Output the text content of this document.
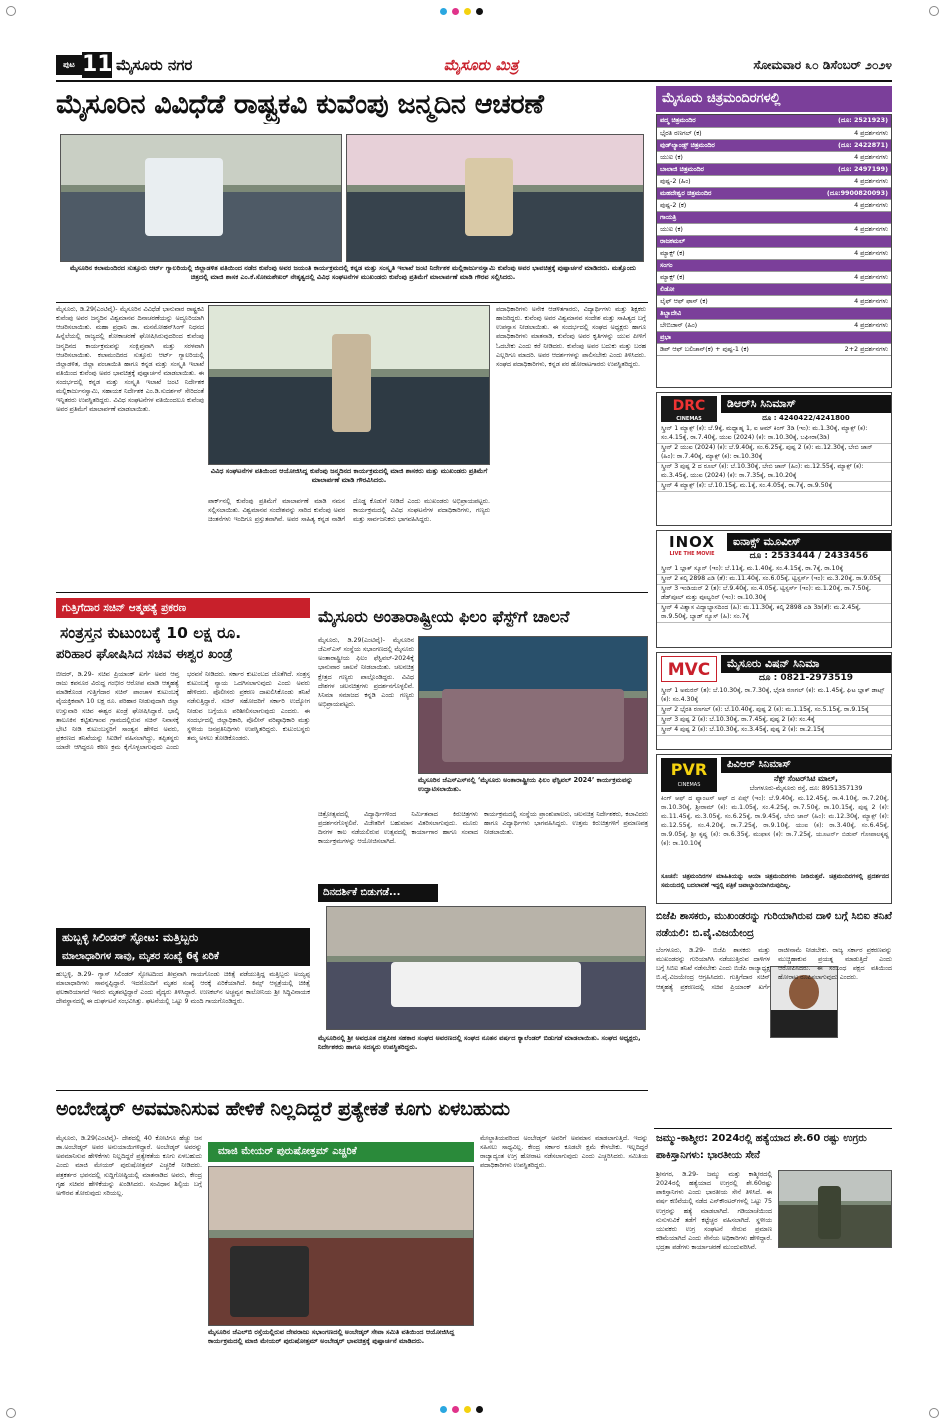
ಪುಟ 11 ಮೈಸೂರು ನಗರ	ಮೈಸೂರು ಮಿತ್ರ	ಸೋಮವಾರ ೩೦ ಡಿಸೆಂಬರ್ ೨೦೨೪
ಮೈಸೂರಿನ ವಿವಿಧೆಡೆ ರಾಷ್ಟ್ರಕವಿ ಕುವೆಂಪು ಜನ್ಮದಿನ ಆಚರಣೆ
ಮೈಸೂರಿನ ಕಲಾಮಂದಿರದ ಸುತ್ತೂರು ಆರ್ಟ್ ಗ್ಯಾಲರಿಯಲ್ಲಿ ಜಿಲ್ಲಾಡಳಿತ ವತಿಯಿಂದ ನಡೆದ ಕುವೆಂಪು ಅವರ ಜಯಂತಿ ಕಾರ್ಯಕ್ರಮದಲ್ಲಿ ಕನ್ನಡ ಮತ್ತು ಸಂಸ್ಕೃತಿ ಇಲಾಖೆ ಜಂಟಿ ನಿರ್ದೇಶಕ ಮಲ್ಲಿಕಾರ್ಜುನಸ್ವಾಮಿ ಕುವೆಂಪು ಅವರ ಭಾವಚಿತ್ರಕ್ಕೆ ಪುಷ್ಪಾರ್ಚನೆ ಮಾಡಿದರು. ಮತ್ತೊಂದು ಚಿತ್ರದಲ್ಲಿ ಮಾಜಿ ಶಾಸಕ ಎಂ.ಕೆ.ಸೋಮಶೇಖರ್ ನೇತೃತ್ವದಲ್ಲಿ ವಿವಿಧ ಸಂಘಟನೆಗಳ ಮುಖಂಡರು ಕುವೆಂಪು ಪ್ರತಿಮೆಗೆ ಮಾಲಾರ್ಪಣೆ ಮಾಡಿ ಗೌರವ ಸಲ್ಲಿಸಿದರು.
ಮೈಸೂರು, ಡಿ.29(ಎಂಟಿವೈ)- ಮೈಸೂರಿನ ವಿವಿಧೆಡೆ ಭಾನುವಾರ ರಾಷ್ಟ್ರಕವಿ ಕುವೆಂಪು ಅವರ ಜನ್ಮದಿನ ವಿಶ್ವಮಾನವ ದಿನಾಚರಣೆಯನ್ನು ಅದ್ಧೂರಿಯಾಗಿ ಆಚರಿಸಲಾಯಿತು. ಮಹಾ ಪ್ರಧಾನಿ ಡಾ. ಮನಮೋಹನ್‌ಸಿಂಗ್ ನಿಧನದ ಹಿನ್ನೆಲೆಯಲ್ಲಿ ರಾಜ್ಯದಲ್ಲಿ ಶೋಕಾಚರಣೆ ಘೋಷಿಸಿರುವುದರಿಂದ ಕುವೆಂಪು ಜನ್ಮದಿನದ ಕಾರ್ಯಕ್ರಮವನ್ನು ಸಂಕ್ಷಿಪ್ತವಾಗಿ ಮತ್ತು ಸರಳವಾಗಿ ಆಚರಿಸಲಾಯಿತು. ಕಲಾಮಂದಿರದ ಸುತ್ತೂರು ಆರ್ಟ್ ಗ್ಯಾಲರಿಯಲ್ಲಿ ಜಿಲ್ಲಾಡಳಿತ, ಜಿಲ್ಲಾ ಪಂಚಾಯಿತಿ ಹಾಗೂ ಕನ್ನಡ ಮತ್ತು ಸಂಸ್ಕೃತಿ ಇಲಾಖೆ ವತಿಯಿಂದ ಕುವೆಂಪು ಅವರ ಭಾವಚಿತ್ರಕ್ಕೆ ಪುಷ್ಪಾರ್ಚನೆ ಮಾಡಲಾಯಿತು. ಈ ಸಂದರ್ಭದಲ್ಲಿ ಕನ್ನಡ ಮತ್ತು ಸಂಸ್ಕೃತಿ ಇಲಾಖೆ ಜಂಟಿ ನಿರ್ದೇಶಕ ಮಲ್ಲಿಕಾರ್ಜುನಸ್ವಾಮಿ, ಸಹಾಯಕ ನಿರ್ದೇಶಕ ಎಂ.ಡಿ.ಸುದರ್ಶನ್ ಸೇರಿದಂತೆ ಇನ್ನಿತರರು ಉಪಸ್ಥಿತರಿದ್ದರು. ವಿವಿಧ ಸಂಘಟನೆಗಳ ವತಿಯಿಂದಲೂ ಕುವೆಂಪು ಅವರ ಪ್ರತಿಮೆಗೆ ಮಾಲಾರ್ಪಣೆ ಮಾಡಲಾಯಿತು.
ವಿವಿಧ ಸಂಘಟನೆಗಳ ವತಿಯಿಂದ ಆಯೋಜಿಸಿದ್ದ ಕುವೆಂಪು ಜನ್ಮದಿನದ ಕಾರ್ಯಕ್ರಮದಲ್ಲಿ ಮಾಜಿ ಶಾಸಕರು ಮತ್ತು ಮುಖಂಡರು ಪ್ರತಿಮೆಗೆ ಮಾಲಾರ್ಪಣೆ ಮಾಡಿ ಗೌರವಿಸಿದರು.
ಪಾರ್ಕ್‌ನಲ್ಲಿ ಕುವೆಂಪು ಪ್ರತಿಮೆಗೆ ಮಾಲಾರ್ಪಣೆ ಮಾಡಿ ನಮನ ಸಲ್ಲಿಸಲಾಯಿತು. ವಿಶ್ವಮಾನವ ಸಂದೇಶವನ್ನು ಸಾರಿದ ಕುವೆಂಪು ಅವರ ಚಿಂತನೆಗಳು ಇಂದಿಗೂ ಪ್ರಸ್ತುತವಾಗಿವೆ. ಅವರ ಸಾಹಿತ್ಯ ಕನ್ನಡ ನಾಡಿಗೆ ದೊಡ್ಡ ಕೊಡುಗೆ ನೀಡಿದೆ ಎಂದು ಮುಖಂಡರು ಅಭಿಪ್ರಾಯಪಟ್ಟರು. ಕಾರ್ಯಕ್ರಮದಲ್ಲಿ ವಿವಿಧ ಸಂಘಟನೆಗಳ ಪದಾಧಿಕಾರಿಗಳು, ಗಣ್ಯರು ಮತ್ತು ಸಾರ್ವಜನಿಕರು ಭಾಗವಹಿಸಿದ್ದರು.
ಪದಾಧಿಕಾರಿಗಳು ಅನೇಕ ಆಡಳಿತಗಾರರು, ವಿದ್ಯಾರ್ಥಿಗಳು ಮತ್ತು ಶಿಕ್ಷಕರು ಹಾಜರಿದ್ದರು. ಕುವೆಂಪು ಅವರ ವಿಶ್ವಮಾನವ ಸಂದೇಶ ಮತ್ತು ಸಾಹಿತ್ಯದ ಬಗ್ಗೆ ಉಪನ್ಯಾಸ ನೀಡಲಾಯಿತು. ಈ ಸಂದರ್ಭದಲ್ಲಿ ಸಂಘದ ಅಧ್ಯಕ್ಷರು ಹಾಗೂ ಪದಾಧಿಕಾರಿಗಳು ಮಾತನಾಡಿ, ಕುವೆಂಪು ಅವರ ಕೃತಿಗಳನ್ನು ಯುವ ಪೀಳಿಗೆ ಓದಬೇಕು ಎಂದು ಕರೆ ನೀಡಿದರು. ಕುವೆಂಪು ಅವರ ಬದುಕು ಮತ್ತು ಬರಹ ಎಲ್ಲರಿಗೂ ಮಾದರಿ. ಅವರ ಆದರ್ಶಗಳನ್ನು ಪಾಲಿಸಬೇಕು ಎಂದು ತಿಳಿಸಿದರು. ಸಂಘದ ಪದಾಧಿಕಾರಿಗಳು, ಕನ್ನಡ ಪರ ಹೋರಾಟಗಾರರು ಉಪಸ್ಥಿತರಿದ್ದರು.
ಗುತ್ತಿಗೆದಾರ ಸಚಿನ್ ಆತ್ಮಹತ್ಯೆ ಪ್ರಕರಣ
ಸಂತ್ರಸ್ತನ ಕುಟುಂಬಕ್ಕೆ 10 ಲಕ್ಷ ರೂ.
ಪರಿಹಾರ ಘೋಷಿಸಿದ ಸಚಿವ ಈಶ್ವರ ಖಂಡ್ರೆ
ಬೀದರ್, ಡಿ.29- ಸಚಿವ ಪ್ರಿಯಾಂಕ್ ಖರ್ಗೆ ಅವರ ಆಪ್ತ ರಾಜು ಕಪನೂರ ವಿರುದ್ಧ ಗಂಭೀರ ಆರೋಪ ಮಾಡಿ ಆತ್ಮಹತ್ಯೆ ಮಾಡಿಕೊಂಡ ಗುತ್ತಿಗೆದಾರ ಸಚಿನ್ ಪಾಂಚಾಳ ಕುಟುಂಬಕ್ಕೆ ವೈಯಕ್ತಿಕವಾಗಿ 10 ಲಕ್ಷ ರೂ. ಪರಿಹಾರ ನೀಡುವುದಾಗಿ ಜಿಲ್ಲಾ ಉಸ್ತುವಾರಿ ಸಚಿವ ಈಶ್ವರ ಖಂಡ್ರೆ ಘೋಷಿಸಿದ್ದಾರೆ. ಭಾಲ್ಕಿ ತಾಲೂಕಿನ ಕಟ್ಟಿತುಗಾಂವ ಗ್ರಾಮದಲ್ಲಿರುವ ಸಚಿನ್ ನಿವಾಸಕ್ಕೆ ಭೇಟಿ ನೀಡಿ ಕುಟುಂಬಸ್ಥರಿಗೆ ಸಾಂತ್ವನ ಹೇಳಿದ ಅವರು, ಪ್ರಕರಣದ ತನಿಖೆಯನ್ನು ಸಿಐಡಿಗೆ ವಹಿಸಲಾಗಿದ್ದು, ತಪ್ಪಿತಸ್ಥರು ಯಾರೇ ಆಗಿದ್ದರೂ ಕಠಿಣ ಕ್ರಮ ಕೈಗೊಳ್ಳಲಾಗುವುದು ಎಂದು ಭರವಸೆ ನೀಡಿದರು. ಸರ್ಕಾರ ಕುಟುಂಬದ ಜೊತೆಗಿದೆ. ಸಂತ್ರಸ್ತ ಕುಟುಂಬಕ್ಕೆ ನ್ಯಾಯ ಒದಗಿಸಲಾಗುವುದು ಎಂದು ಅವರು ಹೇಳಿದರು. ಪೊಲೀಸರು ಪ್ರಕರಣ ದಾಖಲಿಸಿಕೊಂಡು ತನಿಖೆ ನಡೆಸುತ್ತಿದ್ದಾರೆ. ಸಚಿನ್ ಸಹೋದರಿಗೆ ಸರ್ಕಾರಿ ಉದ್ಯೋಗ ನೀಡುವ ಬಗ್ಗೆಯೂ ಪರಿಶೀಲಿಸಲಾಗುವುದು ಎಂದರು. ಈ ಸಂದರ್ಭದಲ್ಲಿ ಜಿಲ್ಲಾಧಿಕಾರಿ, ಪೊಲೀಸ್ ವರಿಷ್ಠಾಧಿಕಾರಿ ಮತ್ತು ಸ್ಥಳೀಯ ಜನಪ್ರತಿನಿಧಿಗಳು ಉಪಸ್ಥಿತರಿದ್ದರು. ಕುಟುಂಬಸ್ಥರು ತಮ್ಮ ಅಳಲು ತೋಡಿಕೊಂಡರು.
ಹುಬ್ಬಳ್ಳಿ ಸಿಲಿಂಡರ್ ಸ್ಫೋಟ: ಮತ್ತಿಬ್ಬರು
ಮಾಲಾಧಾರಿಗಳ ಸಾವು, ಮೃತರ ಸಂಖ್ಯೆ 6ಕ್ಕೆ ಏರಿಕೆ
ಹುಬ್ಬಳ್ಳಿ, ಡಿ.29- ಗ್ಯಾಸ್ ಸಿಲಿಂಡರ್ ಸ್ಫೋಟದಿಂದ ತೀವ್ರವಾಗಿ ಗಾಯಗೊಂಡು ಚಿಕಿತ್ಸೆ ಪಡೆಯುತ್ತಿದ್ದ ಮತ್ತಿಬ್ಬರು ಅಯ್ಯಪ್ಪ ಮಾಲಾಧಾರಿಗಳು ಸಾವನ್ನಪ್ಪಿದ್ದಾರೆ. ಇದರೊಂದಿಗೆ ಮೃತರ ಸಂಖ್ಯೆ ಆರಕ್ಕೆ ಏರಿಕೆಯಾಗಿದೆ. ಕಿಮ್ಸ್ ಆಸ್ಪತ್ರೆಯಲ್ಲಿ ಚಿಕಿತ್ಸೆ ಫಲಕಾರಿಯಾಗದೆ ಇವರು ಮೃತಪಟ್ಟಿದ್ದಾರೆ ಎಂದು ವೈದ್ಯರು ತಿಳಿಸಿದ್ದಾರೆ. ಉಣಕಲ್‌ನ ಅಚ್ಚವ್ವನ ಕಾಲೋನಿಯ ಶ್ರೀ ಸಿದ್ಧಿವಿನಾಯಕ ದೇವಸ್ಥಾನದಲ್ಲಿ ಈ ದುರ್ಘಟನೆ ಸಂಭವಿಸಿತ್ತು. ಘಟನೆಯಲ್ಲಿ ಒಟ್ಟು 9 ಮಂದಿ ಗಾಯಗೊಂಡಿದ್ದರು.
ಮೈಸೂರು ಅಂತಾರಾಷ್ಟ್ರೀಯ ಫಿಲಂ ಫೆಸ್ಟ್‌ಗೆ ಚಾಲನೆ
ಮೈಸೂರು, ಡಿ.29(ಎಂಟಿವೈ)- ಮೈಸೂರಿನ ಜೆಎಸ್‌ಎಸ್ ಸಂಸ್ಥೆಯ ಸಭಾಂಗಣದಲ್ಲಿ ಮೈಸೂರು ಅಂತಾರಾಷ್ಟ್ರೀಯ ಫಿಲಂ ಫೆಸ್ಟಿವಲ್-2024ಕ್ಕೆ ಭಾನುವಾರ ಚಾಲನೆ ನೀಡಲಾಯಿತು. ಚಲನಚಿತ್ರ ಕ್ಷೇತ್ರದ ಗಣ್ಯರು ಪಾಲ್ಗೊಂಡಿದ್ದರು. ವಿವಿಧ ದೇಶಗಳ ಚಲನಚಿತ್ರಗಳು ಪ್ರದರ್ಶನಗೊಳ್ಳಲಿವೆ. ಸಿನಿಮಾ ಸಮಾಜದ ಕನ್ನಡಿ ಎಂದು ಗಣ್ಯರು ಅಭಿಪ್ರಾಯಪಟ್ಟರು.
ಮೈಸೂರಿನ ಜೆಎಸ್‌ಎಸ್‌ನಲ್ಲಿ ‘ಮೈಸೂರು ಅಂತಾರಾಷ್ಟ್ರೀಯ ಫಿಲಂ ಫೆಸ್ಟಿವಲ್ 2024’ ಕಾರ್ಯಕ್ರಮವನ್ನು ಉದ್ಘಾಟಿಸಲಾಯಿತು.
ಚಿತ್ರೋತ್ಸವದಲ್ಲಿ ವಿದ್ಯಾರ್ಥಿಗಳಿಂದ ನಿರ್ಮಿತವಾದ ಕಿರುಚಿತ್ರಗಳು ಪ್ರದರ್ಶನಗೊಳ್ಳಲಿವೆ. ವಿಜೇತರಿಗೆ ಬಹುಮಾನ ವಿತರಿಸಲಾಗುವುದು. ಮೂರು ದಿನಗಳ ಕಾಲ ನಡೆಯಲಿರುವ ಉತ್ಸವದಲ್ಲಿ ಕಾರ್ಯಾಗಾರ ಹಾಗೂ ಸಂವಾದ ಕಾರ್ಯಕ್ರಮಗಳನ್ನು ಆಯೋಜಿಸಲಾಗಿದೆ.
ಕಾರ್ಯಕ್ರಮದಲ್ಲಿ ಸಂಸ್ಥೆಯ ಪ್ರಾಂಶುಪಾಲರು, ಚಲನಚಿತ್ರ ನಿರ್ದೇಶಕರು, ಕಲಾವಿದರು ಹಾಗೂ ವಿದ್ಯಾರ್ಥಿಗಳು ಭಾಗವಹಿಸಿದ್ದರು. ಉತ್ತಮ ಕಿರುಚಿತ್ರಗಳಿಗೆ ಪ್ರಮಾಣಪತ್ರ ನೀಡಲಾಯಿತು.
ದಿನದರ್ಶಿಕೆ ಬಿಡುಗಡೆ...
ಮೈಸೂರಿನಲ್ಲಿ ಶ್ರೀ ಅವಧೂತ ದತ್ತಪೀಠ ಸಹಕಾರ ಸಂಘದ ಅವರಣದಲ್ಲಿ ಸಂಘದ ನೂತನ ವರ್ಷದ ಕ್ಯಾಲೆಂಡರ್ ಬಿಡುಗಡೆ ಮಾಡಲಾಯಿತು. ಸಂಘದ ಅಧ್ಯಕ್ಷರು, ನಿರ್ದೇಶಕರು ಹಾಗೂ ಸದಸ್ಯರು ಉಪಸ್ಥಿತರಿದ್ದರು.
ಅಂಬೇಡ್ಕರ್ ಅವಮಾನಿಸುವ ಹೇಳಿಕೆ ನಿಲ್ಲದಿದ್ದರೆ ಪ್ರತ್ಯೇಕತೆ ಕೂಗು ಏಳಬಹುದು
ಮೈಸೂರು, ಡಿ.29(ಎಂಟಿವೈ)- ದೇಶದಲ್ಲಿ 40 ಕೋಟಿಗೂ ಹೆಚ್ಚು ಜನ ಡಾ.ಅಂಬೇಡ್ಕರ್ ಅವರ ಅನುಯಾಯಿಗಳಿದ್ದಾರೆ. ಅಂಬೇಡ್ಕರ್ ಅವರನ್ನು ಅವಮಾನಿಸುವ ಹೇಳಿಕೆಗಳು ನಿಲ್ಲದಿದ್ದರೆ ಪ್ರತ್ಯೇಕತೆಯ ಕೂಗು ಏಳಬಹುದು ಎಂದು ಮಾಜಿ ಮೇಯರ್ ಪುರುಷೋತ್ತಮ್ ಎಚ್ಚರಿಕೆ ನೀಡಿದರು. ಪತ್ರಕರ್ತರ ಭವನದಲ್ಲಿ ಸುದ್ದಿಗೋಷ್ಠಿಯಲ್ಲಿ ಮಾತನಾಡಿದ ಅವರು, ಕೇಂದ್ರ ಗೃಹ ಸಚಿವರ ಹೇಳಿಕೆಯನ್ನು ಖಂಡಿಸಿದರು. ಸಂವಿಧಾನ ಶಿಲ್ಪಿಯ ಬಗ್ಗೆ ಅಗೌರವ ತೋರುವುದು ಸರಿಯಲ್ಲ.
ಮಾಜಿ ಮೇಯರ್ ಪುರುಷೋತ್ತಮ್ ಎಚ್ಚರಿಕೆ
ಮೈಸೂರಿನ ಜೆಎಲ್‌ಬಿ ರಸ್ತೆಯಲ್ಲಿರುವ ದೇವರಾಜು ಸಭಾಂಗಣದಲ್ಲಿ ಅಂಬೇಡ್ಕರ್ ಸೇವಾ ಸಮಿತಿ ವತಿಯಿಂದ ಆಯೋಜಿಸಿದ್ದ ಕಾರ್ಯಕ್ರಮದಲ್ಲಿ ಮಾಜಿ ಮೇಯರ್ ಪುರುಷೋತ್ತಮ್ ಅಂಬೇಡ್ಕರ್ ಭಾವಚಿತ್ರಕ್ಕೆ ಪುಷ್ಪಾರ್ಚನೆ ಮಾಡಿದರು.
ಮೇಲ್ಜಾತಿಯವರಿಂದ ಅಂಬೇಡ್ಕರ್ ಅವರಿಗೆ ಅವಮಾನ ಮಾಡಲಾಗುತ್ತಿದೆ. ಇದನ್ನು ಸಹಿಸಲು ಸಾಧ್ಯವಿಲ್ಲ. ಕೇಂದ್ರ ಸರ್ಕಾರ ಕೂಡಲೇ ಕ್ಷಮೆ ಕೇಳಬೇಕು. ಇಲ್ಲದಿದ್ದರೆ ರಾಜ್ಯಾದ್ಯಂತ ಉಗ್ರ ಹೋರಾಟ ನಡೆಸಲಾಗುವುದು ಎಂದು ಎಚ್ಚರಿಸಿದರು. ಸಮಿತಿಯ ಪದಾಧಿಕಾರಿಗಳು ಉಪಸ್ಥಿತರಿದ್ದರು.
ಮೈಸೂರು ಚಿತ್ರಮಂದಿರಗಳಲ್ಲಿ
ಪದ್ಮ ಚಿತ್ರಮಂದಿರ	(ದೂ: 2521923)
ಭೈರತಿ ರಣಗಲ್ (ಕ)	4 ಪ್ರದರ್ಶನಗಳು
ವುಡ್‌ಲ್ಯಾಂಡ್ಸ್ ಚಿತ್ರಮಂದಿರ	(ದೂ: 2422871)
ಯುಐ (ಕ)	4 ಪ್ರದರ್ಶನಗಳು
ಬಾಲಾಜಿ ಚಿತ್ರಮಂದಿರ	(ದೂ: 2497199)
ಪುಷ್ಪ-2 (ಹಿಂ)	4 ಪ್ರದರ್ಶನಗಳು
ಮಹದೇಶ್ವರ ಚಿತ್ರಮಂದಿರ	(ದೂ:9900820093)
ಪುಷ್ಪ-2 (ಕ)	4 ಪ್ರದರ್ಶನಗಳು
ಗಾಯತ್ರಿ	
ಯುಐ (ಕ)	4 ಪ್ರದರ್ಶನಗಳು
ರಾಜಕಮಲ್	
ಮ್ಯಾಕ್ಸ್ (ಕ)	4 ಪ್ರದರ್ಶನಗಳು
ಸಂಗಂ	
ಮ್ಯಾಕ್ಸ್ (ಕ)	4 ಪ್ರದರ್ಶನಗಳು
ಲಿಡೋ	
ಲೈಫ್ ಆಫ್ ಫಾಸ್ (ಕ)	4 ಪ್ರದರ್ಶನಗಳು
ತಿಬ್ಬಾದೇವಿ	
ಬೇಬಿಜಾನ್ (ಹಿಂ)	4 ಪ್ರದರ್ಶನಗಳು
ಪ್ರಭಾ	
ಡಿಪ್ ಆಫ್ ಬಲಿಚಾನ್(ಕ) + ಪುಷ್ಪ-1 (ಕ)	2+2 ಪ್ರದರ್ಶನಗಳು
DRC
CINEMAS
ಡಿಆರ್‌ಸಿ ಸಿನಿಮಾಸ್
ದೂ : 4240422/4241800
ಸ್ಕ್ರೀನ್ 1 ಮ್ಯಾಕ್ಸ್ (ಕ): ಬೆ.9ಕ್ಕೆ, ಮಧ್ಯಾಹ್ನ 1, ಐ ಆಮ್ ಕಿಂಗ್ 3ಡಿ (ಇಂ): ಮ.1.30ಕ್ಕೆ, ಮ್ಯಾಕ್ಸ್ (ಕ): ಸಂ.4.15ಕ್ಕೆ, ರಾ.7.40ಕ್ಕೆ, ಯುಐ (2024) (ಕ): ರಾ.10.30ಕ್ಕೆ, ಬಘೀರಾ(3ಡಿ)
ಸ್ಕ್ರೀನ್ 2 ಯುಐ (2024) (ಕ): ಬೆ.9.40ಕ್ಕೆ, ಸಂ.6.25ಕ್ಕೆ, ಪುಷ್ಪ 2 (ಕ): ಮ.12.30ಕ್ಕೆ, ಬೇಬಿ ಜಾನ್ (ಹಿಂ): ರಾ.7.40ಕ್ಕೆ, ಮ್ಯಾಕ್ಸ್ (ಕ): ರಾ.10.30ಕ್ಕೆ
ಸ್ಕ್ರೀನ್ 3 ಪುಷ್ಪ 2 ದ ರೂಲ್ (ಕ): ಬೆ.10.30ಕ್ಕೆ, ಬೇಬಿ ಜಾನ್ (ಹಿಂ): ಮ.12.55ಕ್ಕೆ, ಮ್ಯಾಕ್ಸ್ (ಕ): ಮ.3.45ಕ್ಕೆ, ಯುಐ (2024) (ಕ): ರಾ.7.35ಕ್ಕೆ, ರಾ.10.20ಕ್ಕೆ
ಸ್ಕ್ರೀನ್ 4 ಮ್ಯಾಕ್ಸ್ (ಕ): ಬೆ.10.15ಕ್ಕೆ, ಮ.1ಕ್ಕೆ, ಸಂ.4.05ಕ್ಕೆ, ರಾ.7ಕ್ಕೆ, ರಾ.9.50ಕ್ಕೆ
INOX
LIVE THE MOVIE
ಐನಾಕ್ಸ್ ಮೂವೀಸ್
ದೂ : 2533444 / 2433456
ಸ್ಕ್ರೀನ್ 1 ಬ್ಲಾಕ್ ಸ್ಕೂನ್ (ಇಂ): ಬೆ.11ಕ್ಕೆ, ಮ.1.40ಕ್ಕೆ, ಸಂ.4.15ಕ್ಕೆ, ರಾ.7ಕ್ಕೆ, ರಾ.10ಕ್ಕೆ
ಸ್ಕ್ರೀನ್ 2 ಕಲ್ಕಿ 2898 ಎಡಿ (ತೆ): ಮ.11.40ಕ್ಕೆ, ಸಂ.6.05ಕ್ಕೆ, ಟ್ವಿಸ್ಟರ್ಸ್ (ಇಂ): ಮ.3.20ಕ್ಕೆ, ರಾ.9.05ಕ್ಕೆ
ಸ್ಕ್ರೀನ್ 3 ಇಂಡಿಯನ್ 2 (ತ): ಬೆ.9.40ಕ್ಕೆ, ಸಂ.4.05ಕ್ಕೆ, ಟ್ವಿಸ್ಟರ್ಸ್ (ಇಂ): ಮ.1.20ಕ್ಕೆ, ರಾ.7.50ಕ್ಕೆ, ಡೆಡ್‌ಪೂಲ್ ಮತ್ತು ವೂಲ್ವರಿನ್ (ಇಂ): ರಾ.10.30ಕ್ಕೆ
ಸ್ಕ್ರೀನ್ 4 ವಿಶ್ವಾಸ ವಿದ್ಯಾಭ್ಯಾಸದಿಂದ (ಹಿ): ಮ.11.30ಕ್ಕೆ, ಕಲ್ಕಿ 2898 ಎಡಿ 3ಡಿ(ತೆ): ಮ.2.45ಕ್ಕೆ, ರಾ.9.50ಕ್ಕೆ, ಬ್ಯಾಡ್ ನ್ಯೂಸ್ (ಹಿ): ಸಂ.7ಕ್ಕೆ
MVC	ಮೈಸೂರು ವಿಷನ್ ಸಿನಿಮಾ
ದೂ : 0821-2973519
ಸ್ಕ್ರೀನ್ 1 ಅಮರನ್ (ತ): ಬೆ.10.30ಕ್ಕೆ, ರಾ.7.30ಕ್ಕೆ, ಭೈರತಿ ರಣಗಲ್ (ಕ): ಮ.1.45ಕ್ಕೆ, ಘಿಟ ಬ್ಲಾಕ್ ಡಾಟ್ಸ್ (ಕ): ಸಂ.4.30ಕ್ಕೆ
ಸ್ಕ್ರೀನ್ 2 ಭೈರತಿ ರಣಗಲ್ (ಕ): ಬೆ.10.40ಕ್ಕೆ, ಪುಷ್ಪ 2 (ಕ): ಮ.1.15ಕ್ಕೆ, ಸಂ.5.15ಕ್ಕೆ, ರಾ.9.15ಕ್ಕೆ
ಸ್ಕ್ರೀನ್ 3 ಪುಷ್ಪ 2 (ಕ): ಬೆ.10.30ಕ್ಕೆ, ರಾ.7.45ಕ್ಕೆ, ಪುಷ್ಪ 2 (ಕ): ಸಂ.4ಕ್ಕೆ
ಸ್ಕ್ರೀನ್ 4 ಪುಷ್ಪ 2 (ಕ): ಬೆ.10.30ಕ್ಕೆ, ಸಂ.3.45ಕ್ಕೆ, ಪುಷ್ಪ 2 (ಕ): ರಾ.2.15ಕ್ಕೆ
PVR
CINEMAS
ಪಿವಿಆರ್ ಸಿನಿಮಾಸ್
ನೆಕ್ಸ್ ಸೆಂಟರ್‌ಸಿಟಿ ಮಾಲ್,
ಬೆಂಗಳೂರು-ಮೈಸೂರು ರಸ್ತೆ, ದೂ: 8951357139
ಕಿಂಗ್ ಆಫ್ ದ ಫ್ಯಾಂಟಸ್ ಆಫ್ ದ ಏಪ್ಸ್ (ಇಂ): ಬೆ.9.40ಕ್ಕೆ, ಮ.12.45ಕ್ಕೆ, ರಾ.4.10ಕ್ಕೆ, ರಾ.7.20ಕ್ಕೆ, ರಾ.10.30ಕ್ಕೆ, ಶ್ರೀರಾಮ್ (ಕ): ಮ.1.05ಕ್ಕೆ, ಸಂ.4.25ಕ್ಕೆ, ರಾ.7.50ಕ್ಕೆ, ರಾ.10.15ಕ್ಕೆ, ಪುಷ್ಪ 2 (ಕ): ಮ.11.45ಕ್ಕೆ, ಮ.3.05ಕ್ಕೆ, ಸಂ.6.25ಕ್ಕೆ, ರಾ.9.45ಕ್ಕೆ, ಬೇಬಿ ಜಾನ್ (ಹಿಂ): ಮ.12.30ಕ್ಕೆ, ಮ್ಯಾಕ್ಸ್ (ಕ): ಮ.12.55ಕ್ಕೆ, ಸಂ.4.20ಕ್ಕೆ, ರಾ.7.25ಕ್ಕೆ, ರಾ.9.10ಕ್ಕೆ, ಯುಐ (ಕ): ರಾ.3.40ಕ್ಕೆ, ಸಂ.6.45ಕ್ಕೆ, ರಾ.9.05ಕ್ಕೆ, ಶ್ರೀ ಕೃಷ್ಣ (ಕ): ರಾ.6.35ಕ್ಕೆ, ಮುಫಾಸ (ಕ): ರಾ.7.25ಕ್ಕೆ, ಯೂಟರ್ನ್ ಬಿಡುವ್ ಗೋಪಾಲಕೃಷ್ಣ (ಕ): ರಾ.10.10ಕ್ಕೆ
ಸೂಚನೆ: ಚಿತ್ರಮಂದಿರಗಳ ಮಾಹಿತಿಯನ್ನು ಆಯಾ ಚಿತ್ರಮಂದಿರಗಳು ನೀಡಿರುತ್ತವೆ. ಚಿತ್ರಮಂದಿರಗಳಲ್ಲಿ ಪ್ರದರ್ಶನದ ಸಮಯದಲ್ಲಿ ಬದಲಾವಣೆ ಇದ್ದಲ್ಲಿ ಪತ್ರಿಕೆ ಜವಾಬ್ದಾರಿಯಾಗಿರುವುದಿಲ್ಲ.
ಬಿಜೆಪಿ ಶಾಸಕರು, ಮುಖಂಡರನ್ನು ಗುರಿಯಾಗಿರುವ ದಾಳಿ ಬಗ್ಗೆ ಸಿಬಿಐ ತನಿಖೆ ನಡೆಯಲಿ: ಬಿ.ವೈ.ವಿಜಯೇಂದ್ರ
ಬೆಂಗಳೂರು, ಡಿ.29- ಬಿಜೆಪಿ ಶಾಸಕರು ಮತ್ತು ಮುಖಂಡರನ್ನು ಗುರಿಯಾಗಿಸಿ ನಡೆಯುತ್ತಿರುವ ದಾಳಿಗಳ ಬಗ್ಗೆ ಸಿಬಿಐ ತನಿಖೆ ನಡೆಸಬೇಕು ಎಂದು ಬಿಜೆಪಿ ರಾಜ್ಯಾಧ್ಯಕ್ಷ ಬಿ.ವೈ.ವಿಜಯೇಂದ್ರ ಆಗ್ರಹಿಸಿದರು. ಗುತ್ತಿಗೆದಾರ ಸಚಿನ್ ಆತ್ಮಹತ್ಯೆ ಪ್ರಕರಣದಲ್ಲಿ ಸಚಿವ ಪ್ರಿಯಾಂಕ್ ಖರ್ಗೆ ರಾಜೀನಾಮೆ ನೀಡಬೇಕು. ರಾಜ್ಯ ಸರ್ಕಾರ ಪ್ರಕರಣವನ್ನು ಮುಚ್ಚಿಹಾಕುವ ಪ್ರಯತ್ನ ಮಾಡುತ್ತಿದೆ ಎಂದು ಆರೋಪಿಸಿದರು. ಈ ಸಂಬಂಧ ಪಕ್ಷದ ವತಿಯಿಂದ ಹೋರಾಟ ರೂಪಿಸಲಾಗುವುದು ಎಂದರು.
ಜಮ್ಮು-ಕಾಶ್ಮೀರ: 2024ರಲ್ಲಿ ಹತ್ಯೆಯಾದ ಶೇ.60 ರಷ್ಟು ಉಗ್ರರು ಪಾಕಿಸ್ತಾನಿಗಳು: ಭಾರತೀಯ ಸೇನೆ
ಶ್ರೀನಗರ, ಡಿ.29- ಜಮ್ಮು ಮತ್ತು ಕಾಶ್ಮೀರದಲ್ಲಿ 2024ರಲ್ಲಿ ಹತ್ಯೆಯಾದ ಉಗ್ರರಲ್ಲಿ ಶೇ.60ರಷ್ಟು ಪಾಕಿಸ್ತಾನಿಗಳು ಎಂದು ಭಾರತೀಯ ಸೇನೆ ತಿಳಿಸಿದೆ. ಈ ವರ್ಷ ಕಣಿವೆಯಲ್ಲಿ ನಡೆದ ಎನ್‌ಕೌಂಟರ್‌ಗಳಲ್ಲಿ ಒಟ್ಟು 75 ಉಗ್ರರನ್ನು ಹತ್ಯೆ ಮಾಡಲಾಗಿದೆ. ಗಡಿಯಾಚೆಯಿಂದ ನುಸುಳುವಿಕೆ ತಡೆಗೆ ಕಟ್ಟೆಚ್ಚರ ವಹಿಸಲಾಗಿದೆ. ಸ್ಥಳೀಯ ಯುವಕರು ಉಗ್ರ ಸಂಘಟನೆ ಸೇರುವ ಪ್ರಮಾಣ ಕಡಿಮೆಯಾಗಿದೆ ಎಂದು ಸೇನೆಯ ಅಧಿಕಾರಿಗಳು ಹೇಳಿದ್ದಾರೆ. ಭದ್ರತಾ ಪಡೆಗಳು ಕಾರ್ಯಾಚರಣೆ ಮುಂದುವರಿಸಿವೆ.
